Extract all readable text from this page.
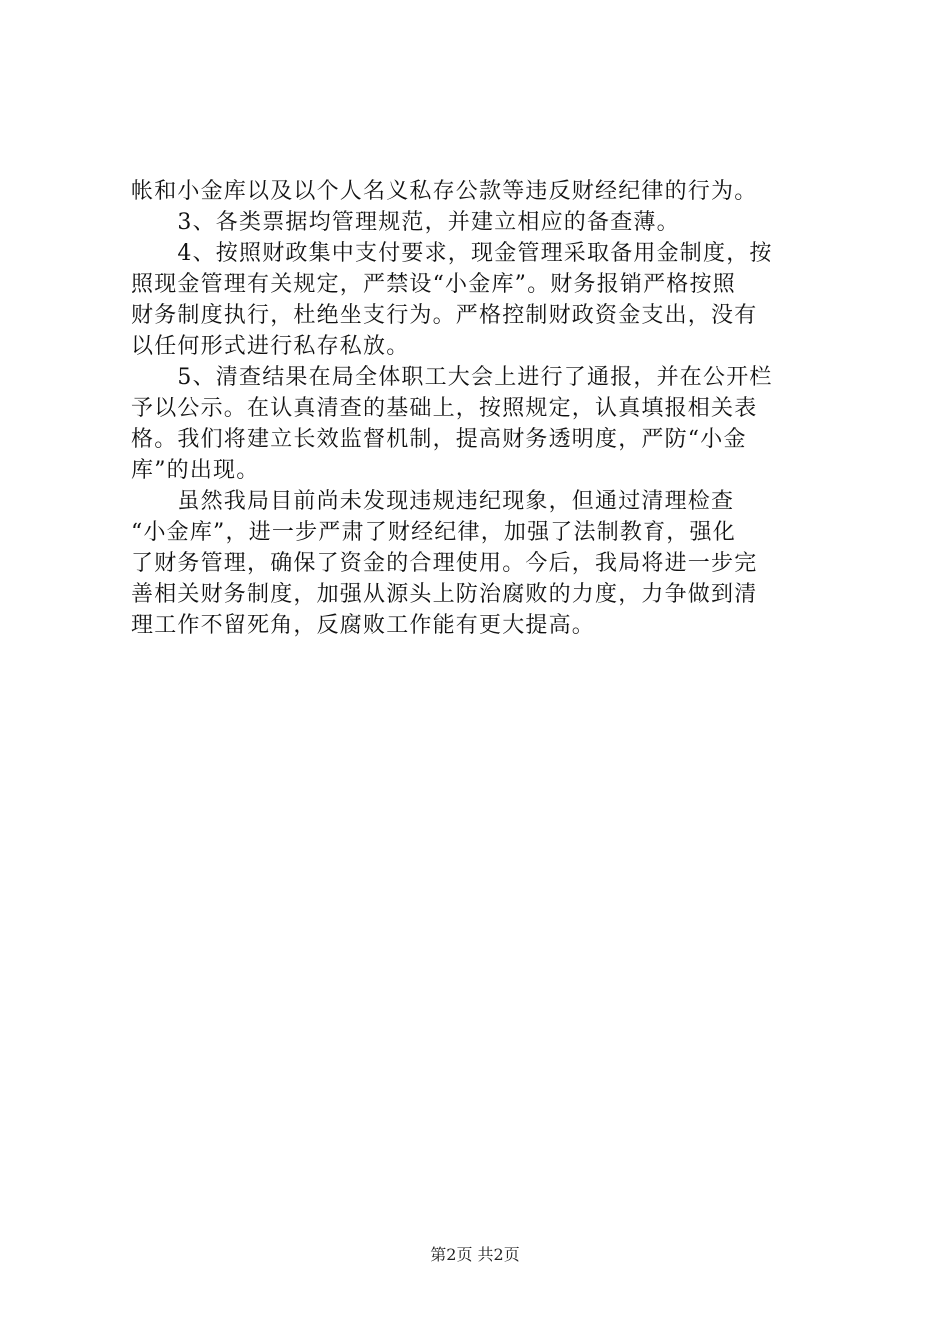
帐和小金库以及以个人名义私存公款等违反财经纪律的行为。
　　3、各类票据均管理规范，并建立相应的备查薄。
　　4、按照财政集中支付要求，现金管理采取备用金制度，按
照现金管理有关规定，严禁设“小金库”。财务报销严格按照
财务制度执行，杜绝坐支行为。严格控制财政资金支出，没有
以任何形式进行私存私放。
　　5、清查结果在局全体职工大会上进行了通报，并在公开栏
予以公示。在认真清查的基础上，按照规定，认真填报相关表
格。我们将建立长效监督机制，提高财务透明度，严防“小金
库”的出现。
　　虽然我局目前尚未发现违规违纪现象，但通过清理检查
“小金库”，进一步严肃了财经纪律，加强了法制教育，强化
了财务管理，确保了资金的合理使用。今后，我局将进一步完
善相关财务制度，加强从源头上防治腐败的力度，力争做到清
理工作不留死角，反腐败工作能有更大提高。
第2页 共2页
